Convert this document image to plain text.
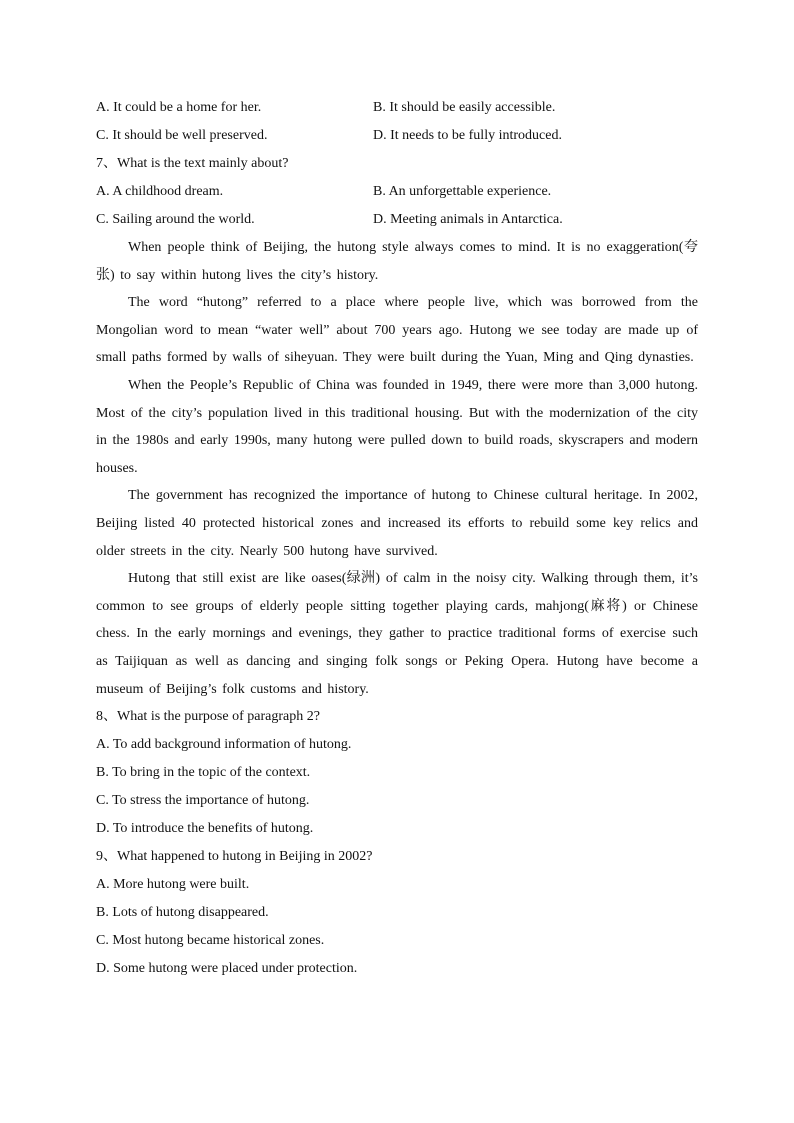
A. It could be a home for her.	B. It should be easily accessible.
C. It should be well preserved.	D. It needs to be fully introduced.
7、What is the text mainly about?
A. A childhood dream.	B. An unforgettable experience.
C. Sailing around the world.	D. Meeting animals in Antarctica.

When people think of Beijing, the hutong style always comes to mind. It is no exaggeration(夸张) to say within hutong lives the city’s history.

The word “hutong” referred to a place where people live, which was borrowed from the Mongolian word to mean “water well” about 700 years ago. Hutong we see today are made up of small paths formed by walls of siheyuan. They were built during the Yuan, Ming and Qing dynasties.

When the People’s Republic of China was founded in 1949, there were more than 3,000 hutong. Most of the city’s population lived in this traditional housing. But with the modernization of the city in the 1980s and early 1990s, many hutong were pulled down to build roads, skyscrapers and modern houses.

The government has recognized the importance of hutong to Chinese cultural heritage. In 2002, Beijing listed 40 protected historical zones and increased its efforts to rebuild some key relics and older streets in the city. Nearly 500 hutong have survived.

Hutong that still exist are like oases(绿洲) of calm in the noisy city. Walking through them, it’s common to see groups of elderly people sitting together playing cards, mahjong(麻将) or Chinese chess. In the early mornings and evenings, they gather to practice traditional forms of exercise such as Taijiquan as well as dancing and singing folk songs or Peking Opera. Hutong have become a museum of Beijing’s folk customs and history.

8、What is the purpose of paragraph 2?
A. To add background information of hutong.
B. To bring in the topic of the context.
C. To stress the importance of hutong.
D. To introduce the benefits of hutong.
9、What happened to hutong in Beijing in 2002?
A. More hutong were built.
B. Lots of hutong disappeared.
C. Most hutong became historical zones.
D. Some hutong were placed under protection.
